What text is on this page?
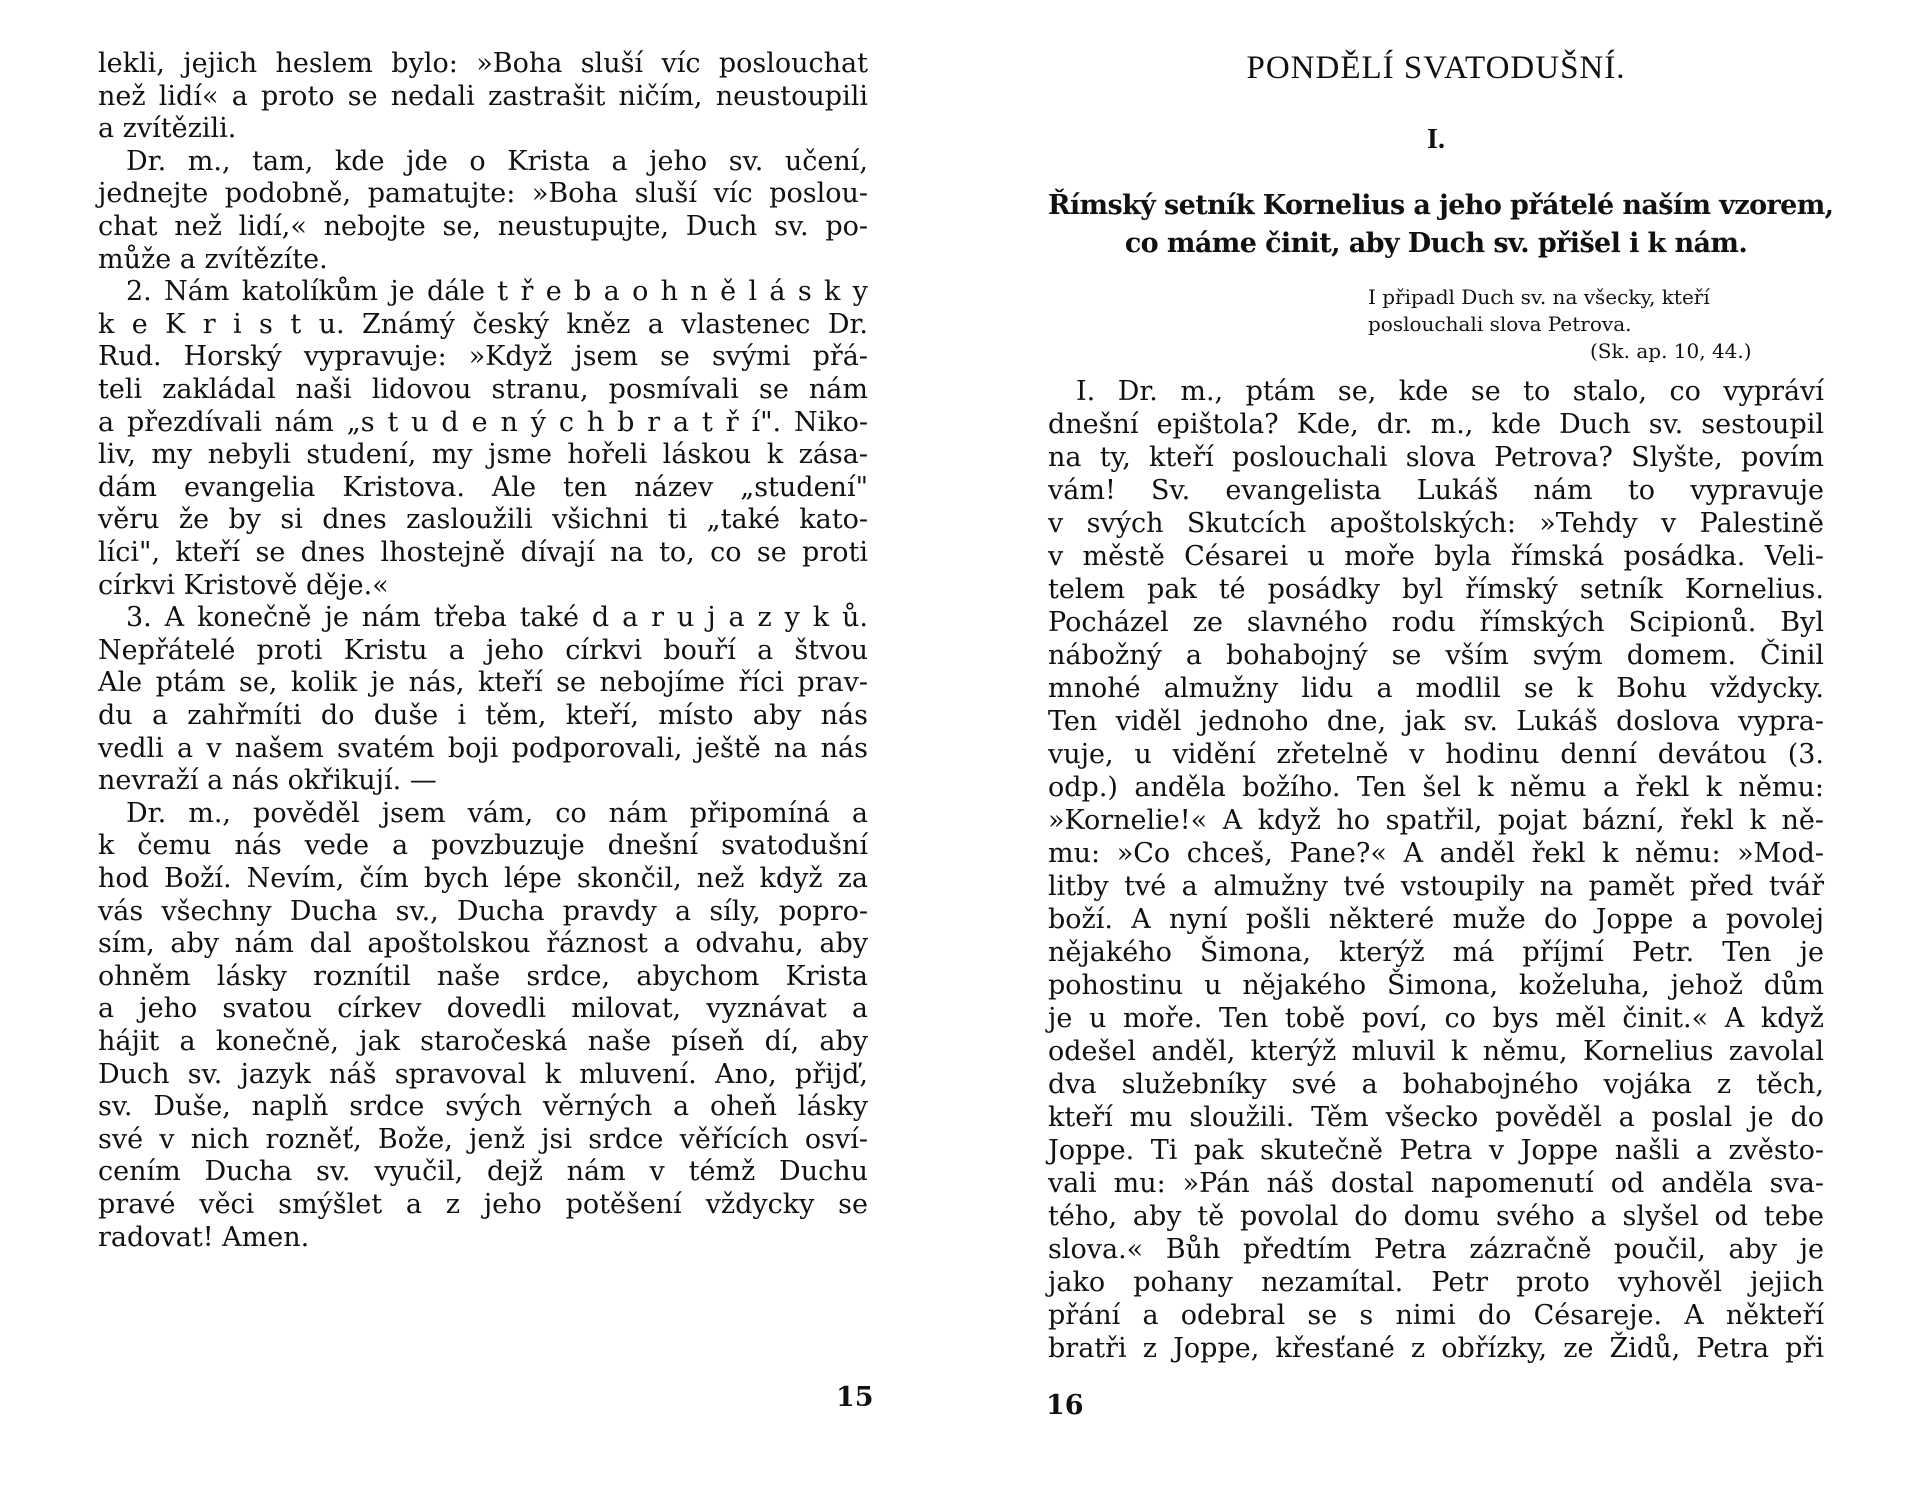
lekli, jejich heslem bylo: »Boha sluší víc poslouchat
než lidí« a proto se nedali zastrašit ničím, neustoupili
a zvítězili.
Dr. m., tam, kde jde o Krista a jeho sv. učení,
jednejte podobně, pamatujte: »Boha sluší víc poslou-
chat než lidí,« nebojte se, neustupujte, Duch sv. po-
může a zvítězíte.
2. Nám katolíkům je dále t ř e b a o h n ě l á s k y
k e K r i s t u. Známý český kněz a vlastenec Dr.
Rud. Horský vypravuje: »Když jsem se svými přá-
teli zakládal naši lidovou stranu, posmívali se nám
a přezdívali nám „s t u d e n ý c h b r a t ř í". Niko-
liv, my nebyli studení, my jsme hořeli láskou k zása-
dám evangelia Kristova. Ale ten název „studení"
věru že by si dnes zasloužili všichni ti „také kato-
líci", kteří se dnes lhostejně dívají na to, co se proti
církvi Kristově děje.«
3. A konečně je nám třeba také d a r u j a z y k ů.
Nepřátelé proti Kristu a jeho církvi bouří a štvou
Ale ptám se, kolik je nás, kteří se nebojíme říci prav-
du a zahřmíti do duše i těm, kteří, místo aby nás
vedli a v našem svatém boji podporovali, ještě na nás
nevraží a nás okřikují. —
Dr. m., pověděl jsem vám, co nám připomíná a
k čemu nás vede a povzbuzuje dnešní svatodušní
hod Boží. Nevím, čím bych lépe skončil, než když za
vás všechny Ducha sv., Ducha pravdy a síly, popro-
sím, aby nám dal apoštolskou řáznost a odvahu, aby
ohněm lásky roznítil naše srdce, abychom Krista
a jeho svatou církev dovedli milovat, vyznávat a
hájit a konečně, jak staročeská naše píseň dí, aby
Duch sv. jazyk náš spravoval k mluvení. Ano, přijď,
sv. Duše, naplň srdce svých věrných a oheň lásky
své v nich rozněť, Bože, jenž jsi srdce věřících osví-
cením Ducha sv. vyučil, dejž nám v témž Duchu
pravé věci smýšlet a z jeho potěšení vždycky se
radovat! Amen.
15
PONDĚLÍ SVATODUŠNÍ.
I.
Římský setník Kornelius a jeho přátelé naším vzorem,
co máme činit, aby Duch sv. přišel i k nám.
I připadl Duch sv. na všecky, kteří
poslouchali slova Petrova.
(Sk. ap. 10, 44.)
I. Dr. m., ptám se, kde se to stalo, co vypráví
dnešní epištola? Kde, dr. m., kde Duch sv. sestoupil
na ty, kteří poslouchali slova Petrova? Slyšte, povím
vám! Sv. evangelista Lukáš nám to vypravuje
v svých Skutcích apoštolských: »Tehdy v Palestině
v městě Césarei u moře byla římská posádka. Veli-
telem pak té posádky byl římský setník Kornelius.
Pocházel ze slavného rodu římských Scipionů. Byl
nábožný a bohabojný se vším svým domem. Činil
mnohé almužny lidu a modlil se k Bohu vždycky.
Ten viděl jednoho dne, jak sv. Lukáš doslova vypra-
vuje, u vidění zřetelně v hodinu denní devátou (3.
odp.) anděla božího. Ten šel k němu a řekl k němu:
»Kornelie!« A když ho spatřil, pojat bázní, řekl k ně-
mu: »Co chceš, Pane?« A anděl řekl k němu: »Mod-
litby tvé a almužny tvé vstoupily na pamět před tvář
boží. A nyní pošli některé muže do Joppe a povolej
nějakého Šimona, kterýž má příjmí Petr. Ten je
pohostinu u nějakého Šimona, koželuha, jehož dům
je u moře. Ten tobě poví, co bys měl činit.« A když
odešel anděl, kterýž mluvil k němu, Kornelius zavolal
dva služebníky své a bohabojného vojáka z těch,
kteří mu sloužili. Těm všecko pověděl a poslal je do
Joppe. Ti pak skutečně Petra v Joppe našli a zvěsto-
vali mu: »Pán náš dostal napomenutí od anděla sva-
tého, aby tě povolal do domu svého a slyšel od tebe
slova.« Bůh předtím Petra zázračně poučil, aby je
jako pohany nezamítal. Petr proto vyhověl jejich
přání a odebral se s nimi do Césareje. A někteří
bratři z Joppe, křesťané z obřízky, ze Židů, Petra při
16
